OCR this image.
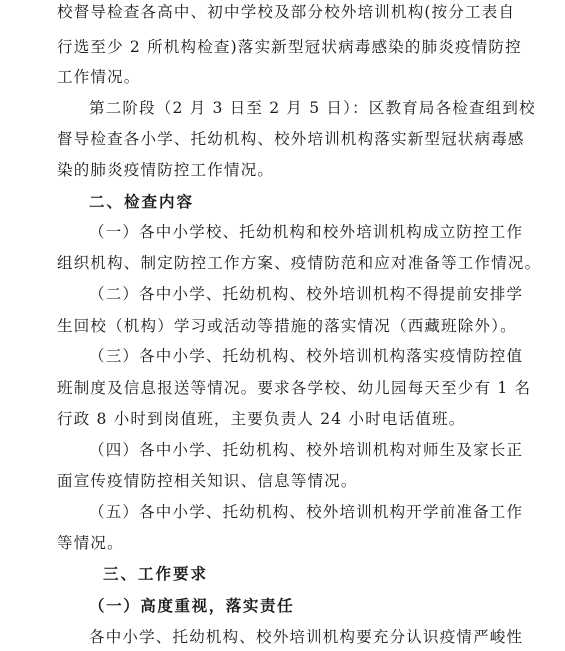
校督导检查各高中、初中学校及部分校外培训机构(按分工表自
行选至少 2 所机构检查)落实新型冠状病毒感染的肺炎疫情防控
工作情况。
第二阶段（2 月 3 日至 2 月 5 日）：区教育局各检查组到校
督导检查各小学、托幼机构、校外培训机构落实新型冠状病毒感
染的肺炎疫情防控工作情况。
二、检查内容
（一）各中小学校、托幼机构和校外培训机构成立防控工作
组织机构、制定防控工作方案、疫情防范和应对准备等工作情况。
（二）各中小学、托幼机构、校外培训机构不得提前安排学
生回校（机构）学习或活动等措施的落实情况（西藏班除外）。
（三）各中小学、托幼机构、校外培训机构落实疫情防控值
班制度及信息报送等情况。要求各学校、幼儿园每天至少有 1 名
行政 8 小时到岗值班，主要负责人 24 小时电话值班。
（四）各中小学、托幼机构、校外培训机构对师生及家长正
面宣传疫情防控相关知识、信息等情况。
（五）各中小学、托幼机构、校外培训机构开学前准备工作
等情况。
三、工作要求
（一）高度重视，落实责任
各中小学、托幼机构、校外培训机构要充分认识疫情严峻性
